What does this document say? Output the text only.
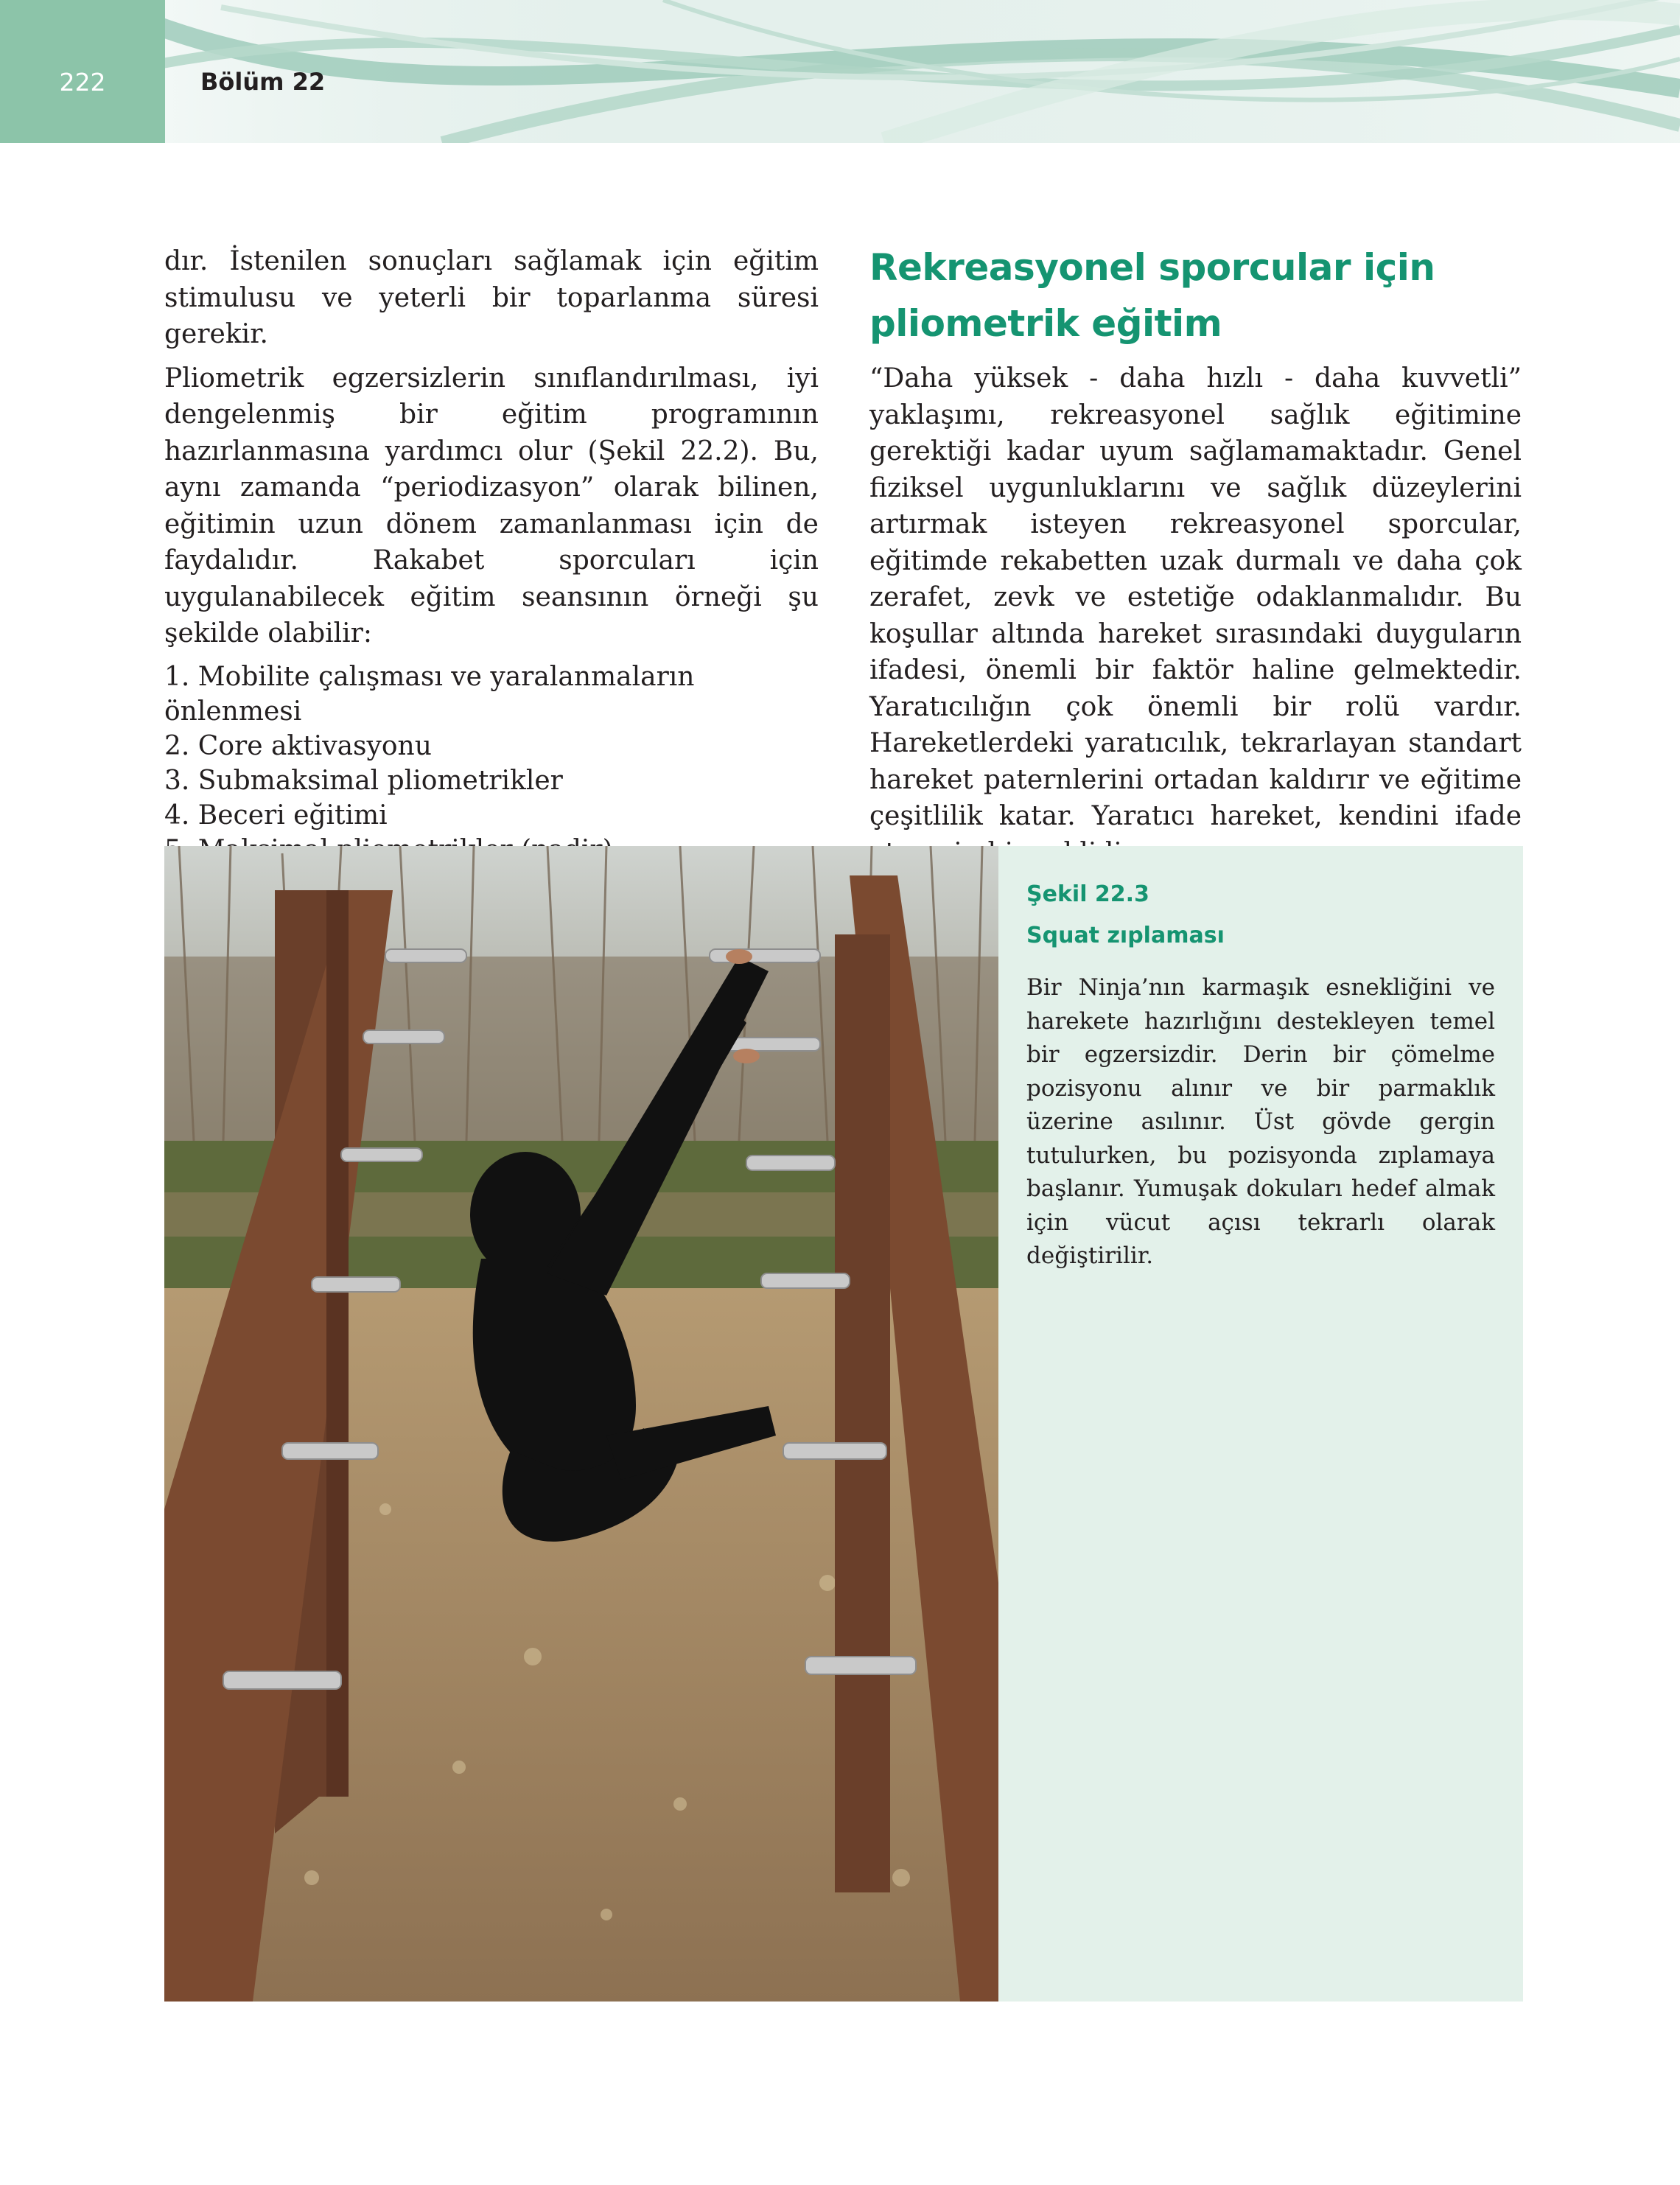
222	Bölüm 22

dır. İstenilen sonuçları sağlamak için eğitim stimulusu ve yeterli bir toparlanma süresi gerekir.

Pliometrik egzersizlerin sınıflandırılması, iyi dengelenmiş bir eğitim programının hazırlanmasına yardımcı olur (Şekil 22.2). Bu, aynı zamanda “periodizasyon” olarak bilinen, eğitimin uzun dönem zamanlanması için de faydalıdır. Rakabet sporcuları için uygulanabilecek eğitim seansının örneği şu şekilde olabilir:

1. Mobilite çalışması ve yaralanmaların önlenmesi
2. Core aktivasyonu
3. Submaksimal pliometrikler
4. Beceri eğitimi
Rekreasyonel sporcular için pliometrik eğitim

“Daha yüksek - daha hızlı - daha kuvvetli” yaklaşımı, rekreasyonel sağlık eğitimine gerektiği kadar uyum sağlamamaktadır. Genel fiziksel uygunluklarını ve sağlık düzeylerini artırmak isteyen rekreasyonel sporcular, eğitimde rekabetten uzak durmalı ve daha çok zerafet, zevk ve estetiğe odaklanmalıdır. Bu koşullar altında hareket sırasındaki duyguların ifadesi, önemli bir faktör haline gelmektedir. Yaratıcılığın çok önemli bir rolü vardır. Hareketlerdeki yaratıcılık, tekrarlayan standart hareket paternlerini ortadan kaldırır ve eğitime çeşitlilik katar. Yaratıcı hareket, kendini ifade

Şekil 22.3
Squat zıplaması

Bir Ninja’nın karmaşık esnekliğini ve harekete hazırlığını destekleyen temel bir egzersizdir. Derin bir çömelme pozisyonu alınır ve bir parmaklık üzerine asılınır. Üst gövde gergin tutulurken, bu pozisyonda zıplamaya başlanır. Yumuşak dokuları hedef almak için vücut açısı tekrarlı olarak değiştirilir.
